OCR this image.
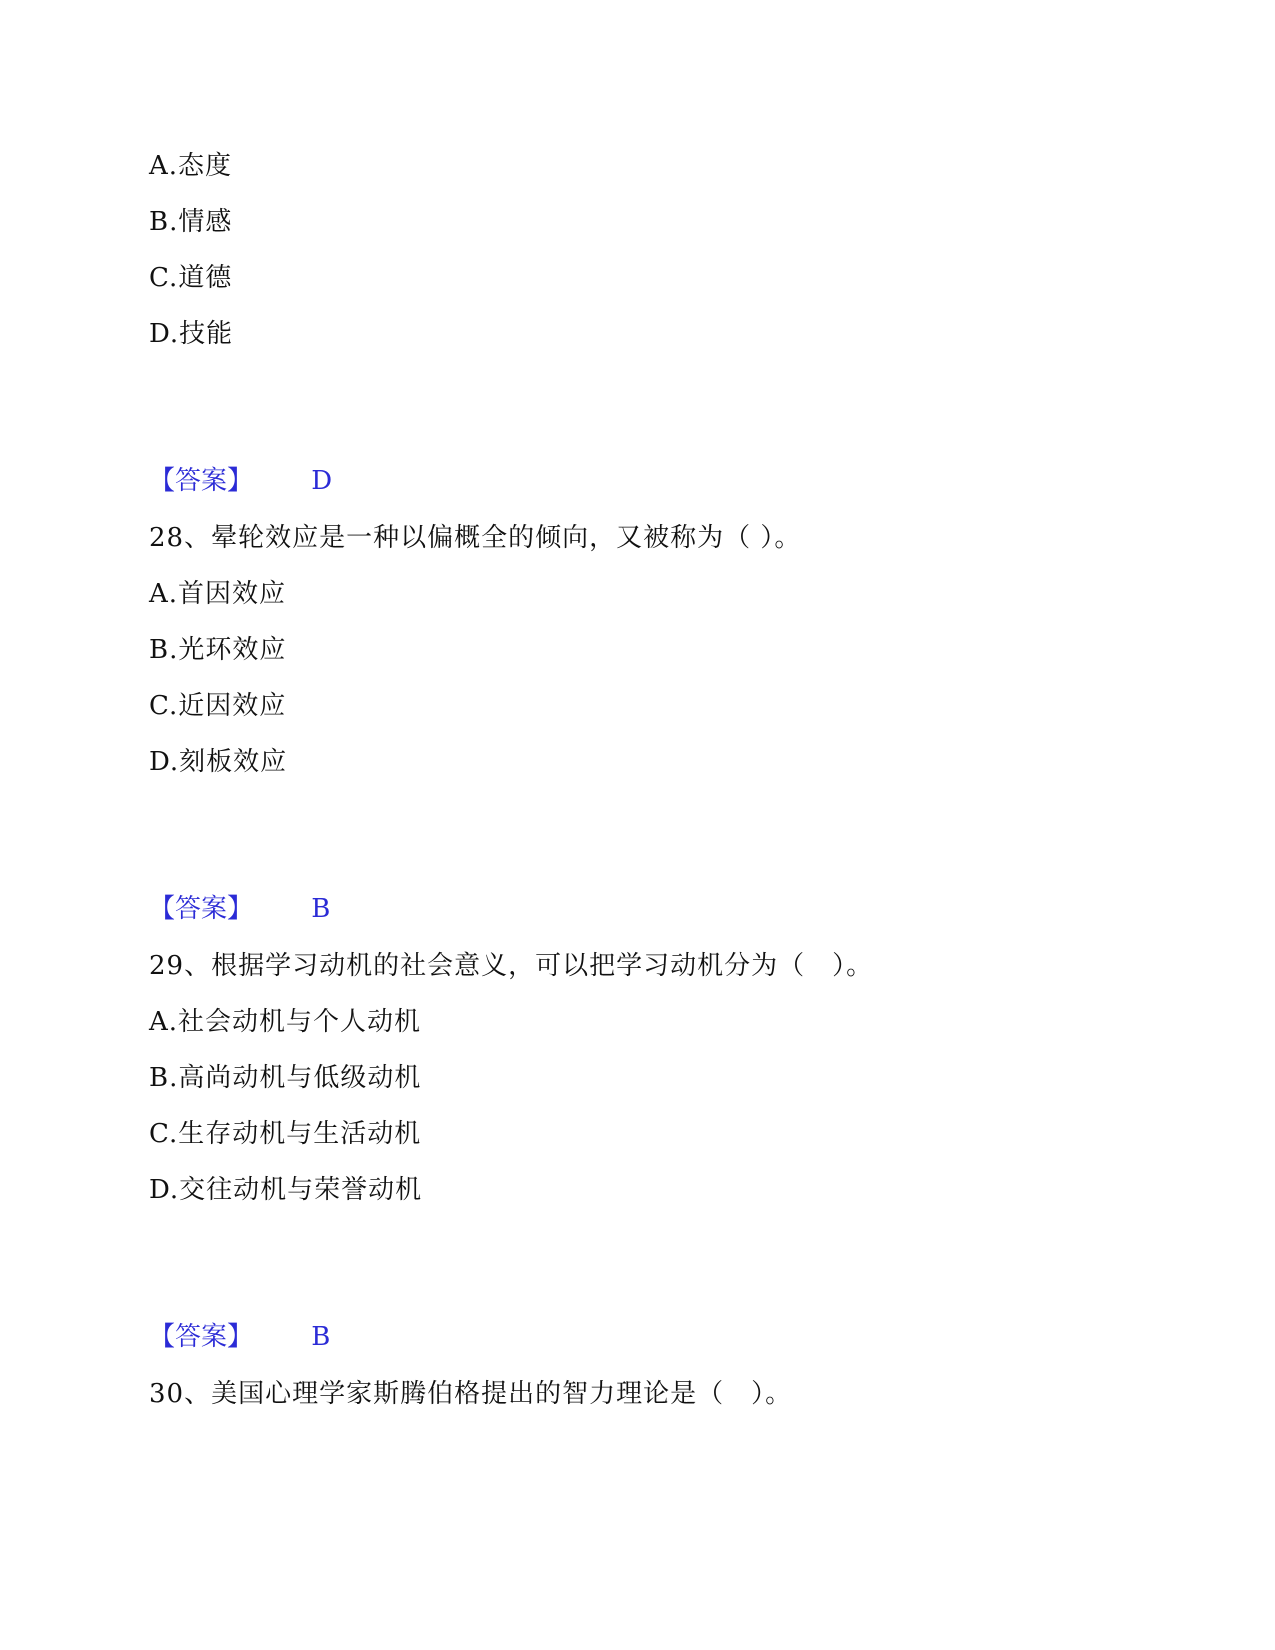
A.态度
B.情感
C.道德
D.技能
【答案】 D
28、晕轮效应是一种以偏概全的倾向，又被称为（ ）。
A.首因效应
B.光环效应
C.近因效应
D.刻板效应
【答案】 B
29、根据学习动机的社会意义，可以把学习动机分为（　）。
A.社会动机与个人动机
B.高尚动机与低级动机
C.生存动机与生活动机
D.交往动机与荣誉动机
【答案】 B
30、美国心理学家斯腾伯格提出的智力理论是（　）。
